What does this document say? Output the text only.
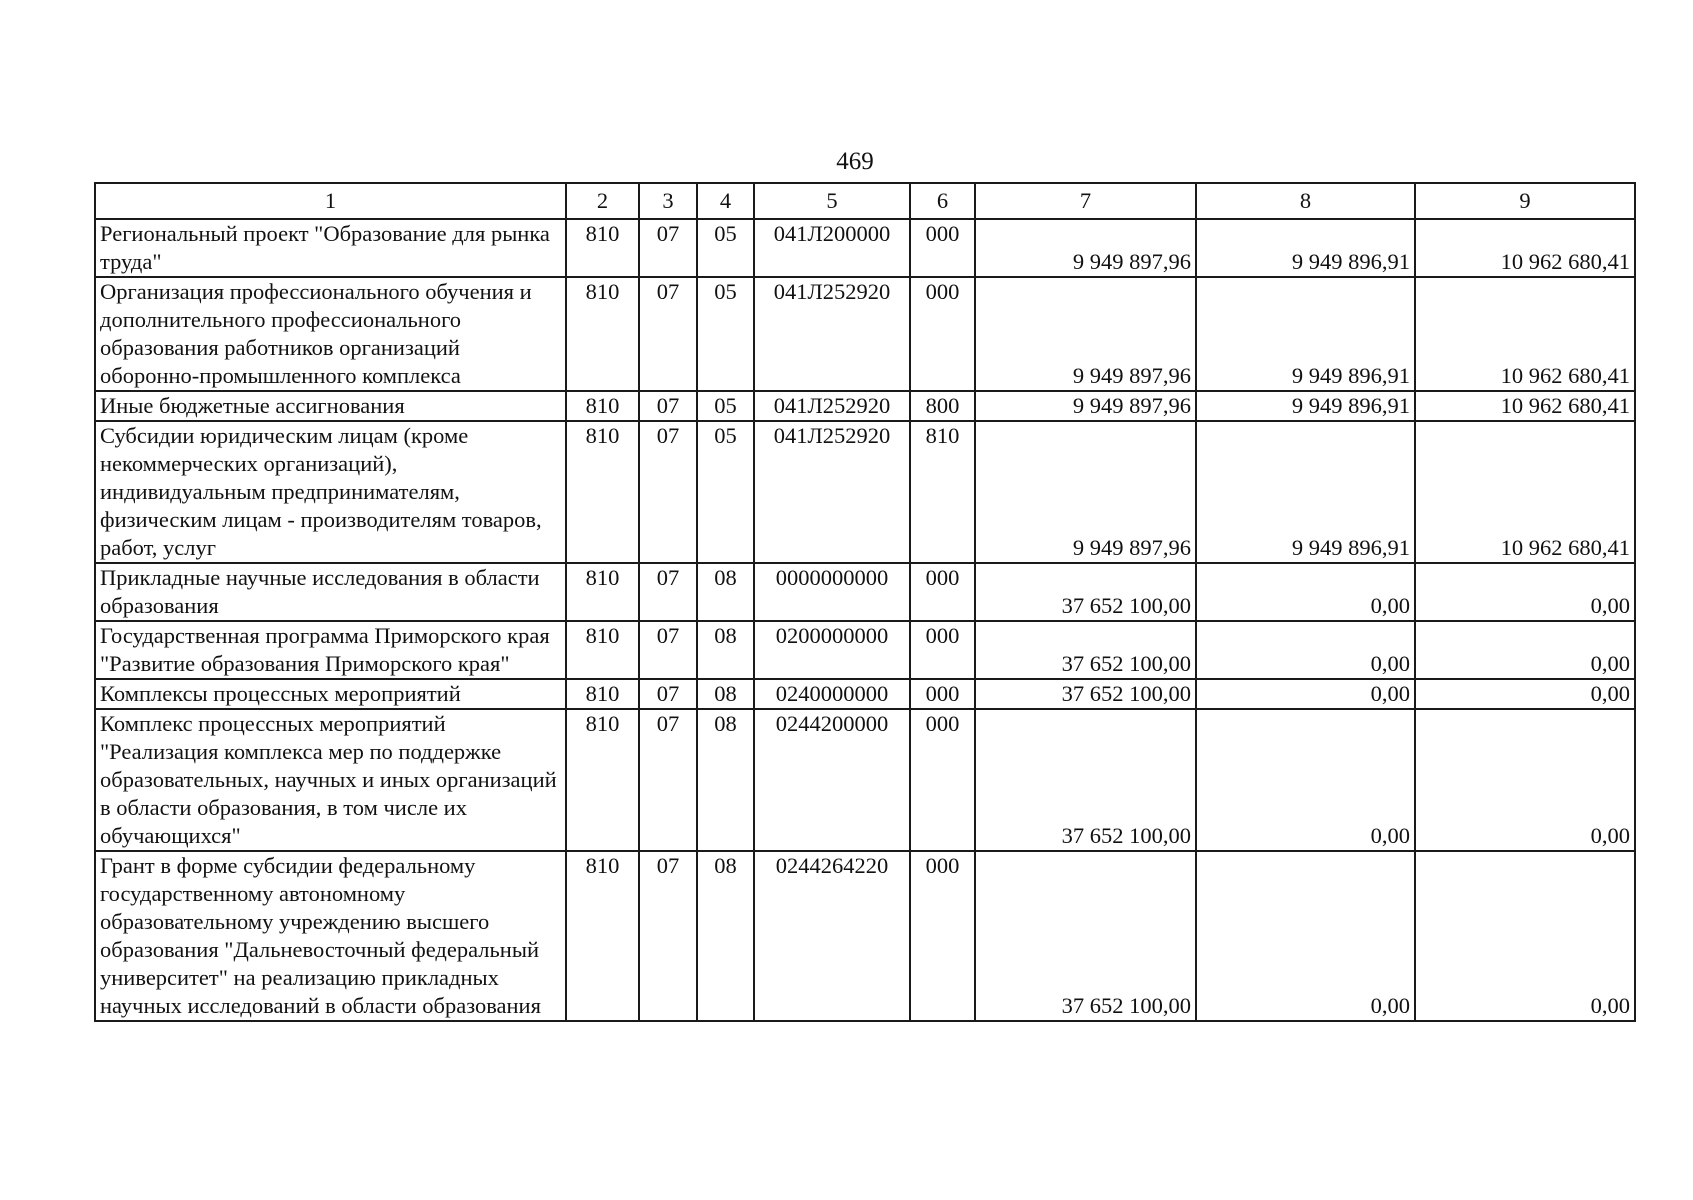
469
1	2	3	4	5	6	7	8	9
Региональный проект "Образование для рынка труда"	810	07	05	041Л200000	000	9 949 897,96	9 949 896,91	10 962 680,41
Организация профессионального обучения и дополнительного профессионального образования работников организаций оборонно-промышленного комплекса	810	07	05	041Л252920	000	9 949 897,96	9 949 896,91	10 962 680,41
Иные бюджетные ассигнования	810	07	05	041Л252920	800	9 949 897,96	9 949 896,91	10 962 680,41
Субсидии юридическим лицам (кроме некоммерческих организаций), индивидуальным предпринимателям, физическим лицам - производителям товаров, работ, услуг	810	07	05	041Л252920	810	9 949 897,96	9 949 896,91	10 962 680,41
Прикладные научные исследования в области образования	810	07	08	0000000000	000	37 652 100,00	0,00	0,00
Государственная программа Приморского края "Развитие образования Приморского края"	810	07	08	0200000000	000	37 652 100,00	0,00	0,00
Комплексы процессных мероприятий	810	07	08	0240000000	000	37 652 100,00	0,00	0,00
Комплекс процессных мероприятий "Реализация комплекса мер по поддержке образовательных, научных и иных организаций в области образования, в том числе их обучающихся"	810	07	08	0244200000	000	37 652 100,00	0,00	0,00
Грант в форме субсидии федеральному государственному автономному образовательному учреждению высшего образования "Дальневосточный федеральный университет" на реализацию прикладных научных исследований в области образования	810	07	08	0244264220	000	37 652 100,00	0,00	0,00
